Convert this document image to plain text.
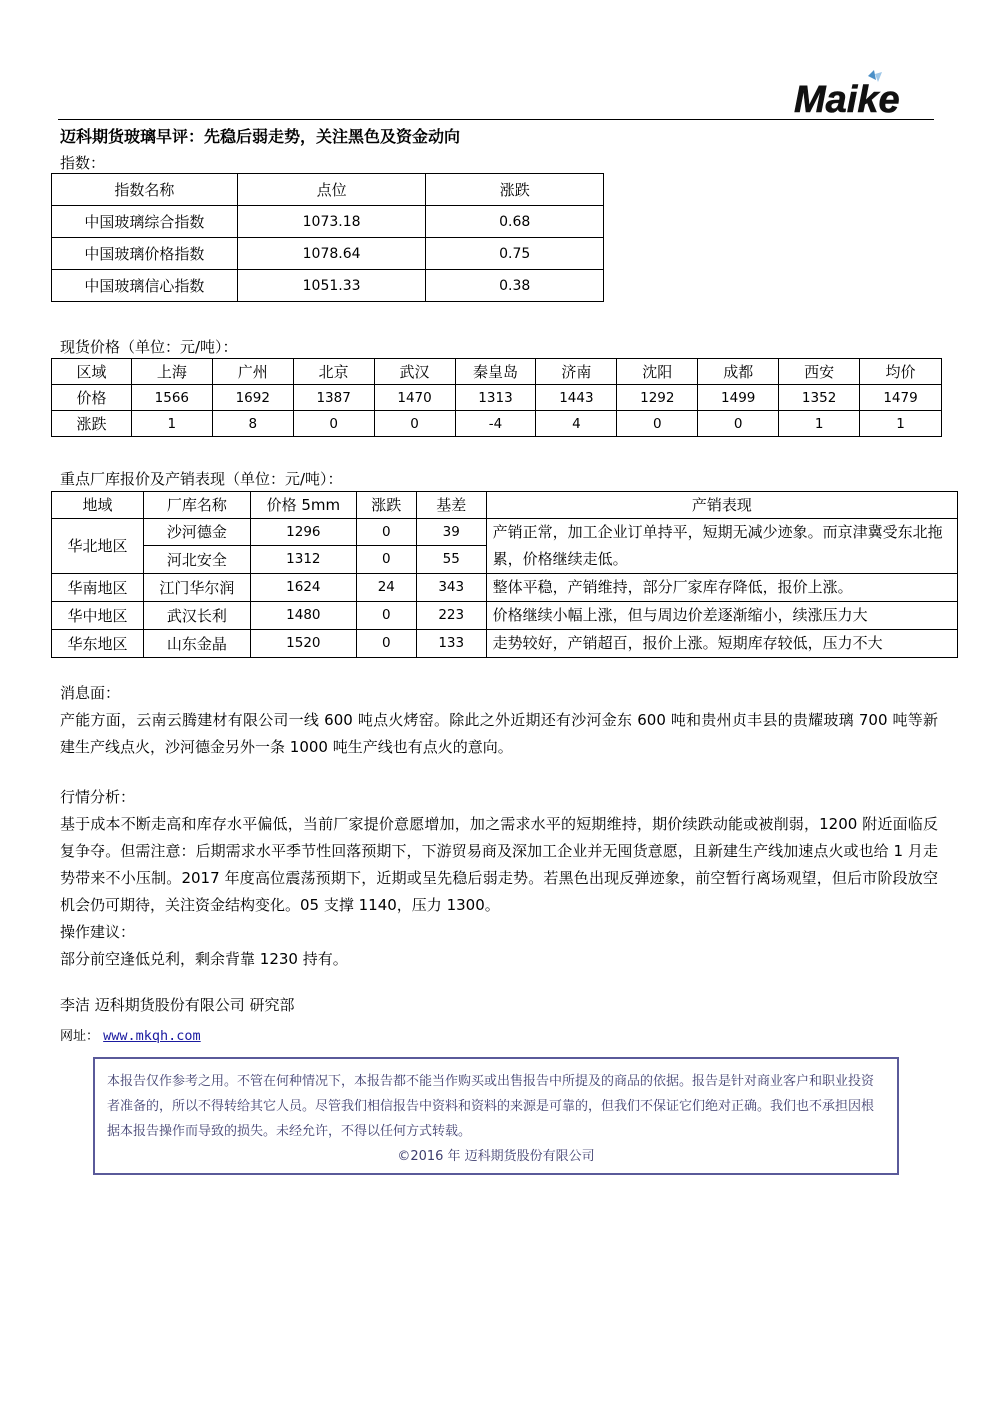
Maike
迈科期货玻璃早评：先稳后弱走势，关注黑色及资金动向
指数：
指数名称	点位	涨跌
中国玻璃综合指数	1073.18	0.68
中国玻璃价格指数	1078.64	0.75
中国玻璃信心指数	1051.33	0.38
现货价格（单位：元/吨）：
区域	上海	广州	北京	武汉	秦皇岛	济南	沈阳	成都	西安	均价
价格	1566	1692	1387	1470	1313	1443	1292	1499	1352	1479
涨跌	1	8	0	0	-4	4	0	0	1	1
重点厂库报价及产销表现（单位：元/吨）：
地域	厂库名称	价格 5mm	涨跌	基差	产销表现
华北地区	沙河德金	1296	0	39	产销正常，加工企业订单持平，短期无减少迹象。而京津冀受东北拖累，价格继续走低。
	河北安全	1312	0	55	
华南地区	江门华尔润	1624	24	343	整体平稳，产销维持，部分厂家库存降低，报价上涨。
华中地区	武汉长利	1480	0	223	价格继续小幅上涨，但与周边价差逐渐缩小，续涨压力大
华东地区	山东金晶	1520	0	133	走势较好，产销超百，报价上涨。短期库存较低，压力不大

消息面：

产能方面，云南云腾建材有限公司一线 600 吨点火烤窑。除此之外近期还有沙河金东 600 吨和贵州贞丰县的贵耀玻璃 700 吨等新建生产线点火，沙河德金另外一条 1000 吨生产线也有点火的意向。

行情分析：

基于成本不断走高和库存水平偏低，当前厂家提价意愿增加，加之需求水平的短期维持，期价续跌动能或被削弱，1200 附近面临反复争夺。但需注意：后期需求水平季节性回落预期下，下游贸易商及深加工企业并无囤货意愿，且新建生产线加速点火或也给 1 月走势带来不小压制。2017 年度高位震荡预期下，近期或呈先稳后弱走势。若黑色出现反弹迹象，前空暂行离场观望，但后市阶段放空机会仍可期待，关注资金结构变化。05 支撑 1140，压力 1300。

操作建议：

部分前空逢低兑利，剩余背靠 1230 持有。

李洁 迈科期货股份有限公司 研究部
网址： www.mkqh.com
本报告仅作参考之用。不管在何种情况下，本报告都不能当作购买或出售报告中所提及的商品的依据。报告是针对商业客户和职业投资者准备的，所以不得转给其它人员。尽管我们相信报告中资料和资料的来源是可靠的，但我们不保证它们绝对正确。我们也不承担因根据本报告操作而导致的损失。未经允许，不得以任何方式转载。
©2016 年 迈科期货股份有限公司
